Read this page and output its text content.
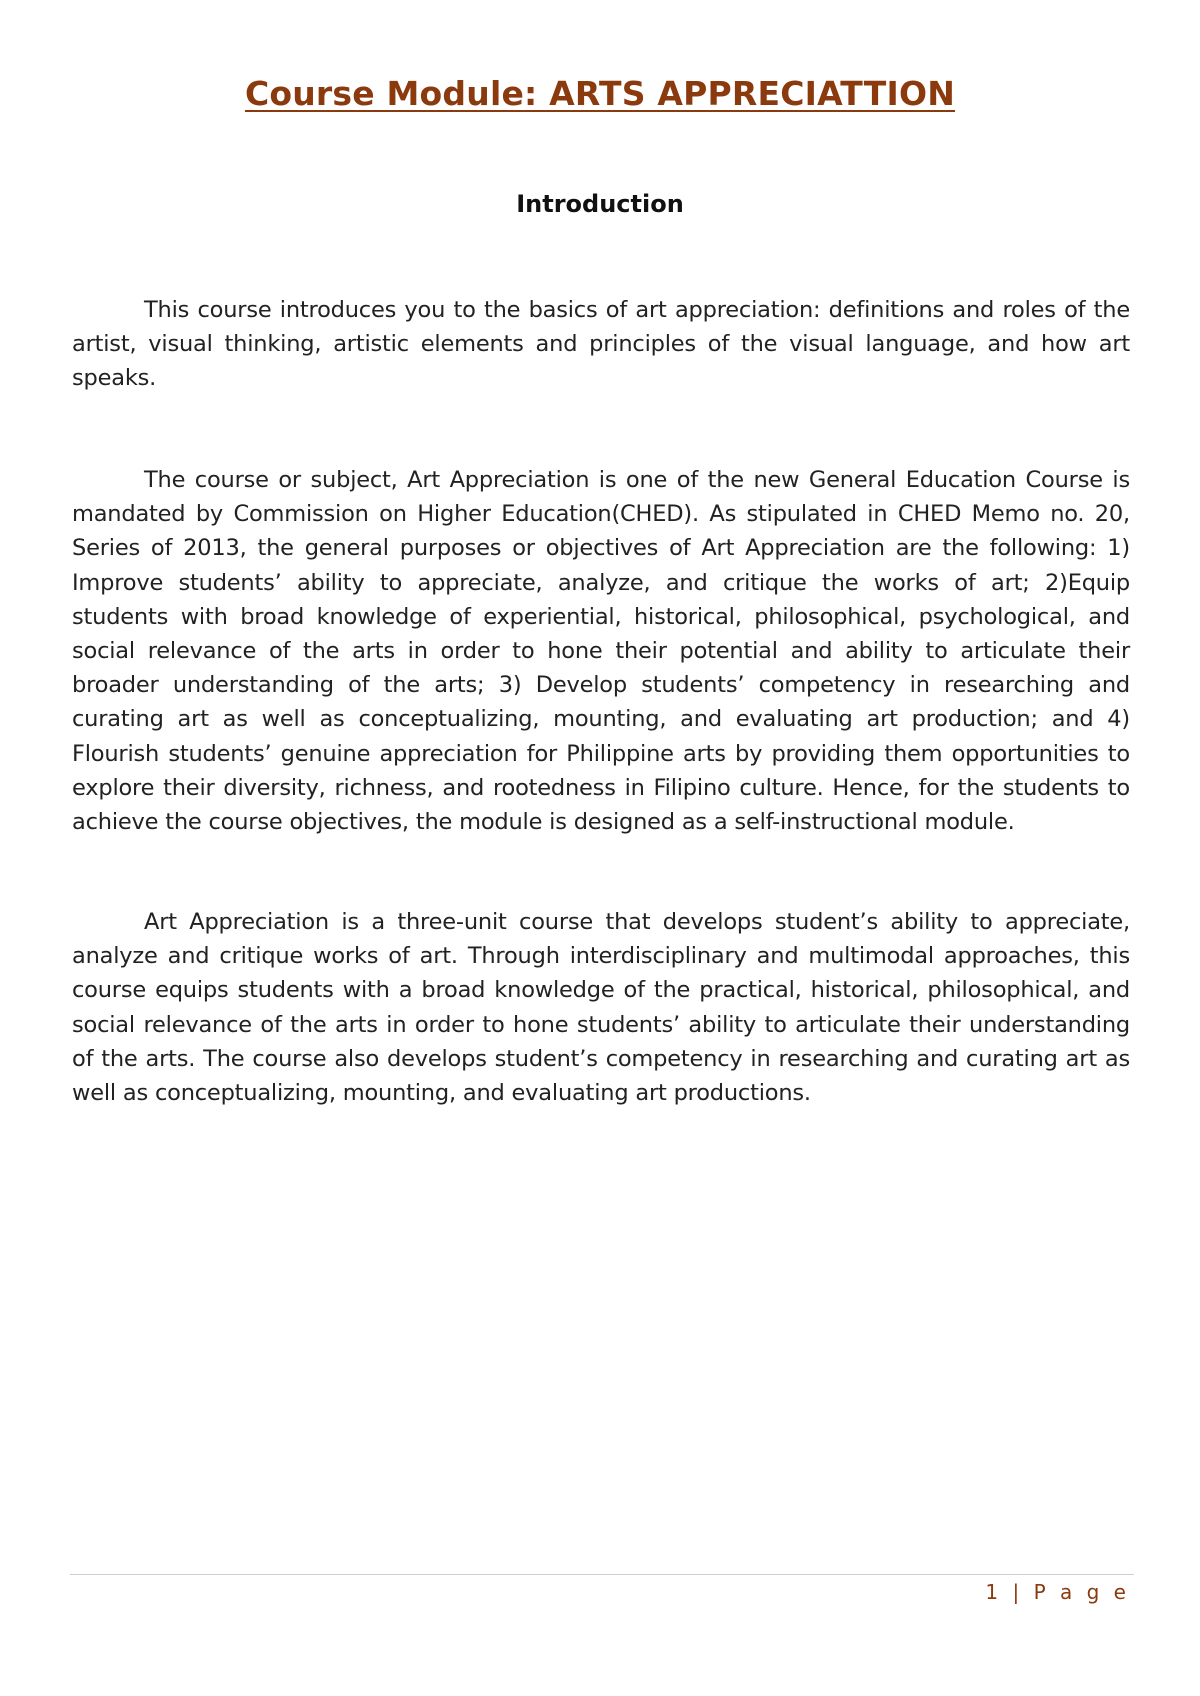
Course Module: ARTS APPRECIATTION
Introduction

This course introduces you to the basics of art appreciation: definitions and roles of the artist, visual thinking, artistic elements and principles of the visual language, and how art speaks.

The course or subject, Art Appreciation is one of the new General Education Course is mandated by Commission on Higher Education(CHED). As stipulated in CHED Memo no. 20, Series of 2013, the general purposes or objectives of Art Appreciation are the following: 1) Improve students’ ability to appreciate, analyze, and critique the works of art; 2)Equip students with broad knowledge of experiential, historical, philosophical, psychological, and social relevance of the arts in order to hone their potential and ability to articulate their broader understanding of the arts; 3) Develop students’ competency in researching and curating art as well as conceptualizing, mounting, and evaluating art production; and 4) Flourish students’ genuine appreciation for Philippine arts by providing them opportunities to explore their diversity, richness, and rootedness in Filipino culture. Hence, for the students to achieve the course objectives, the module is designed as a self-instructional module.

Art Appreciation is a three-unit course that develops student’s ability to appreciate, analyze and critique works of art. Through interdisciplinary and multimodal approaches, this course equips students with a broad knowledge of the practical, historical, philosophical, and social relevance of the arts in order to hone students’ ability to articulate their understanding of the arts. The course also develops student’s competency in researching and curating art as well as conceptualizing, mounting, and evaluating art productions.

1 | P a g e
